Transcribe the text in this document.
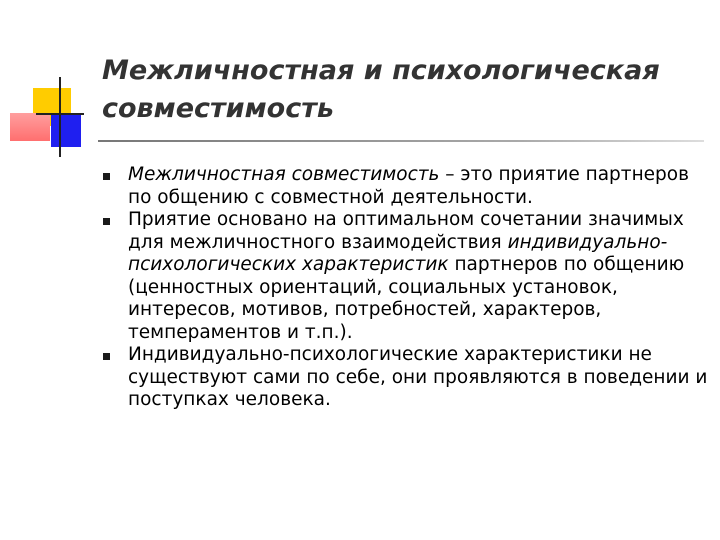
Межличностная и психологическая совместимость
Межличностная совместимость – это приятие партнеров по общению с совместной деятельности.
Приятие основано на оптимальном сочетании значимых для межличностного взаимодействия индивидуально-психологических характеристик партнеров по общению (ценностных ориентаций, социальных установок, интересов, мотивов, потребностей, характеров, темпераментов и т.п.).
Индивидуально-психологические характеристики не существуют сами по себе, они проявляются в поведении и поступках человека.
